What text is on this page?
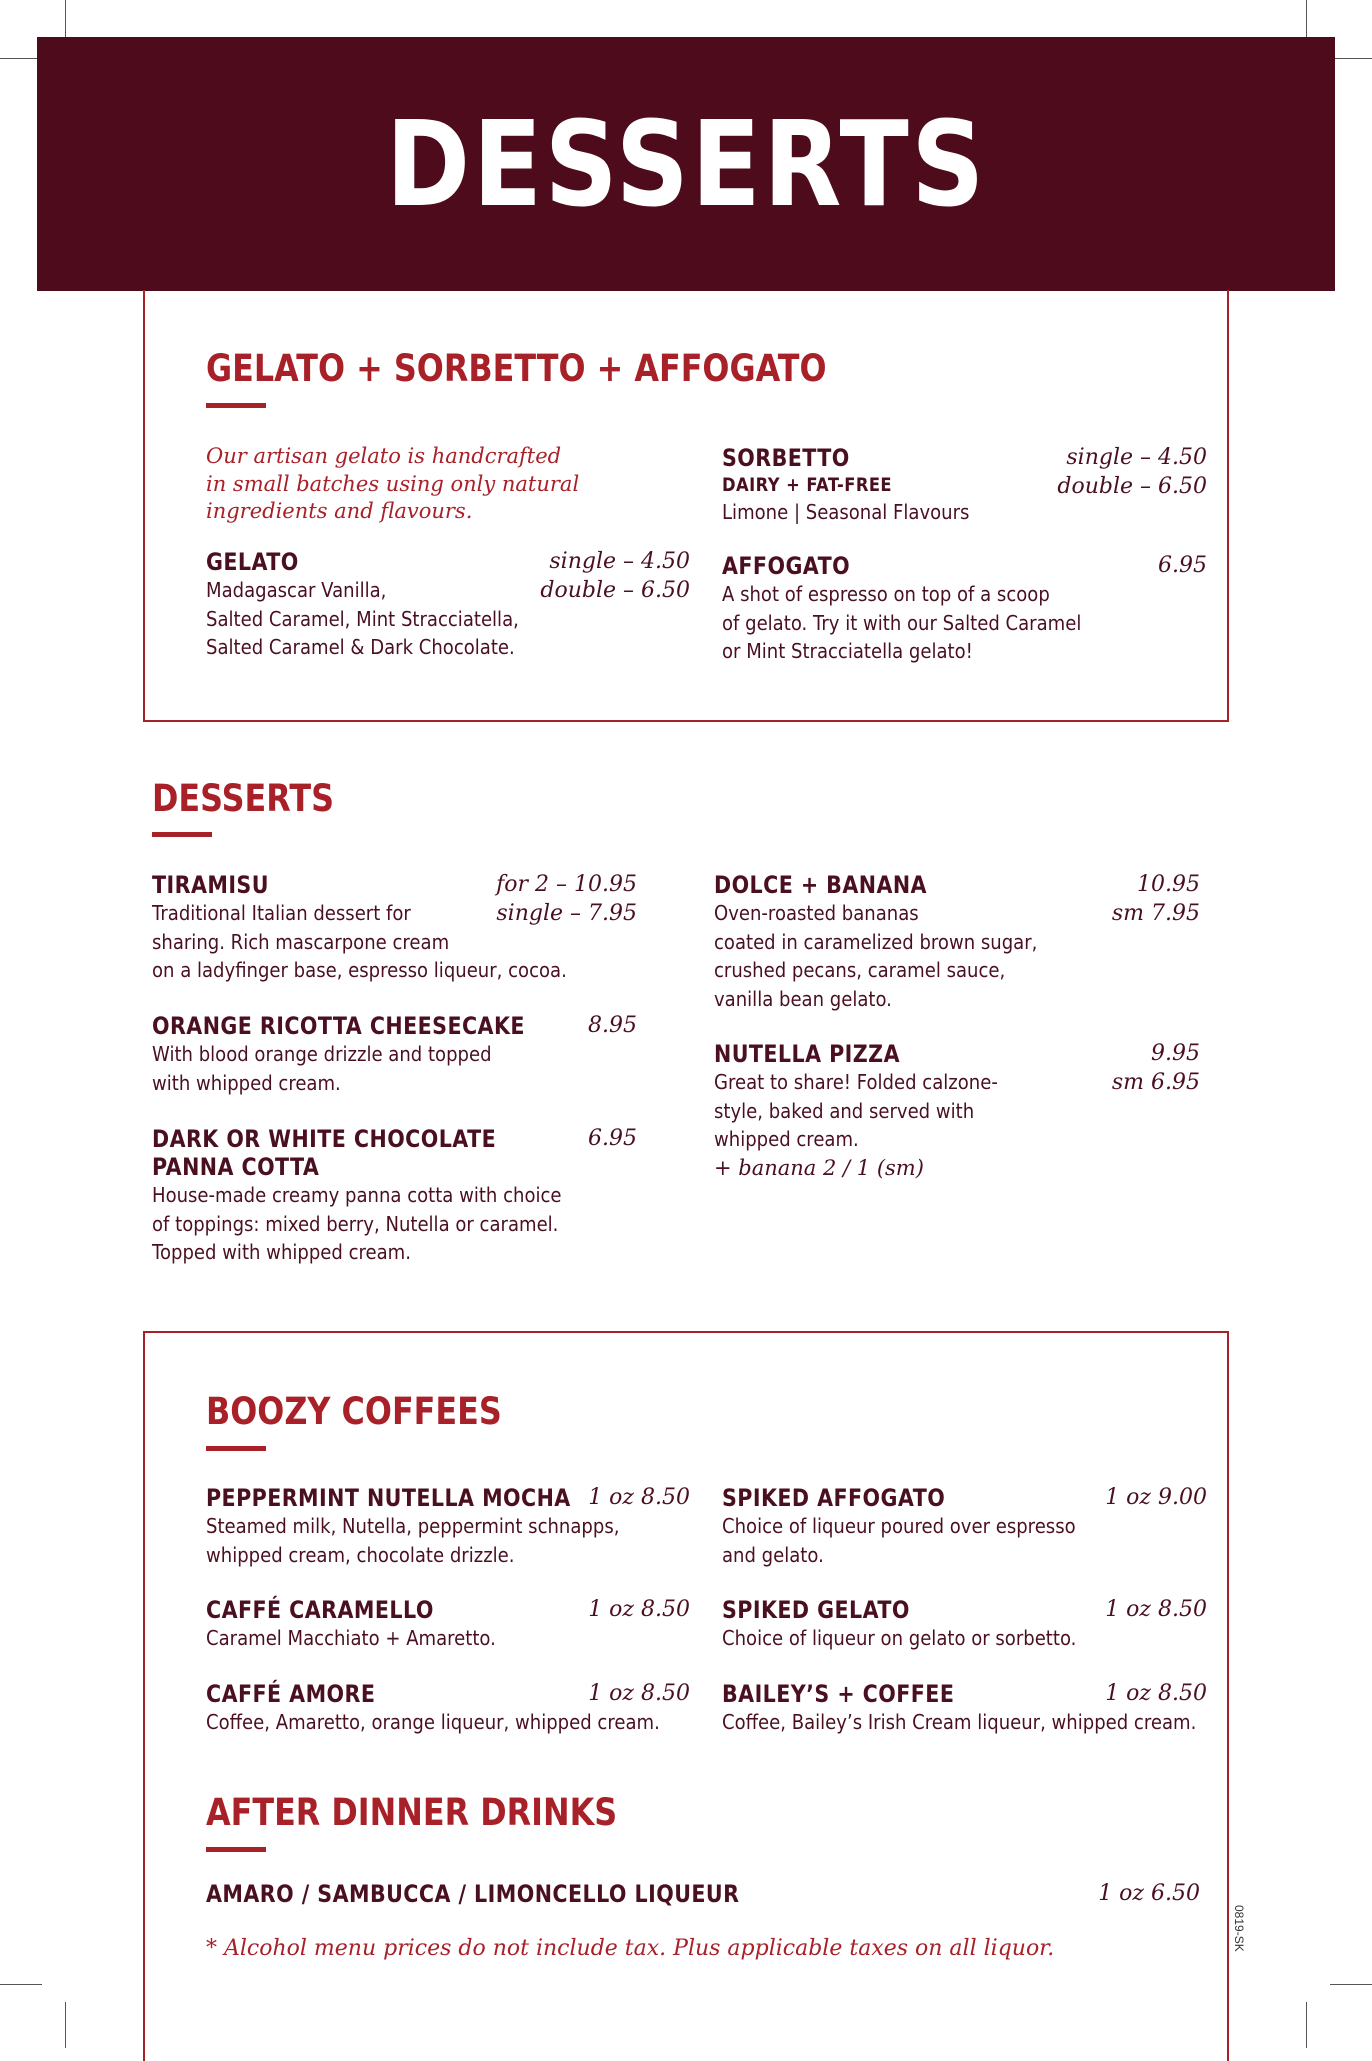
DESSERTS
GELATO + SORBETTO + AFFOGATO
Our artisan gelato is handcrafted
in small batches using only natural
ingredients and flavours.
GELATO
Madagascar Vanilla,
Salted Caramel, Mint Stracciatella,
Salted Caramel & Dark Chocolate.
single – 4.50
double – 6.50
SORBETTO
DAIRY + FAT-FREE
Limone | Seasonal Flavours
single – 4.50
double – 6.50
AFFOGATO
A shot of espresso on top of a scoop
of gelato. Try it with our Salted Caramel
or Mint Stracciatella gelato!
6.95
DESSERTS
TIRAMISU
Traditional Italian dessert for
sharing. Rich mascarpone cream
on a ladyfinger base, espresso liqueur, cocoa.
for 2 – 10.95
single – 7.95
ORANGE RICOTTA CHEESECAKE
With blood orange drizzle and topped
with whipped cream.
8.95
DARK OR WHITE CHOCOLATE
PANNA COTTA
House-made creamy panna cotta with choice
of toppings: mixed berry, Nutella or caramel.
Topped with whipped cream.
6.95
DOLCE + BANANA
Oven-roasted bananas
coated in caramelized brown sugar,
crushed pecans, caramel sauce,
vanilla bean gelato.
10.95
sm 7.95
NUTELLA PIZZA
Great to share! Folded calzone-
style, baked and served with
whipped cream.
+ banana 2 / 1 (sm)
9.95
sm 6.95
BOOZY COFFEES
PEPPERMINT NUTELLA MOCHA
Steamed milk, Nutella, peppermint schnapps,
whipped cream, chocolate drizzle.
1 oz 8.50
CAFFÉ CARAMELLO
Caramel Macchiato + Amaretto.
1 oz 8.50
CAFFÉ AMORE
Coffee, Amaretto, orange liqueur, whipped cream.
1 oz 8.50
SPIKED AFFOGATO
Choice of liqueur poured over espresso
and gelato.
1 oz 9.00
SPIKED GELATO
Choice of liqueur on gelato or sorbetto.
1 oz 8.50
BAILEY’S + COFFEE
Coffee, Bailey’s Irish Cream liqueur, whipped cream.
1 oz 8.50
AFTER DINNER DRINKS
AMARO / SAMBUCCA / LIMONCELLO LIQUEUR	1 oz 6.50
* Alcohol menu prices do not include tax. Plus applicable taxes on all liquor.	0819-SK
